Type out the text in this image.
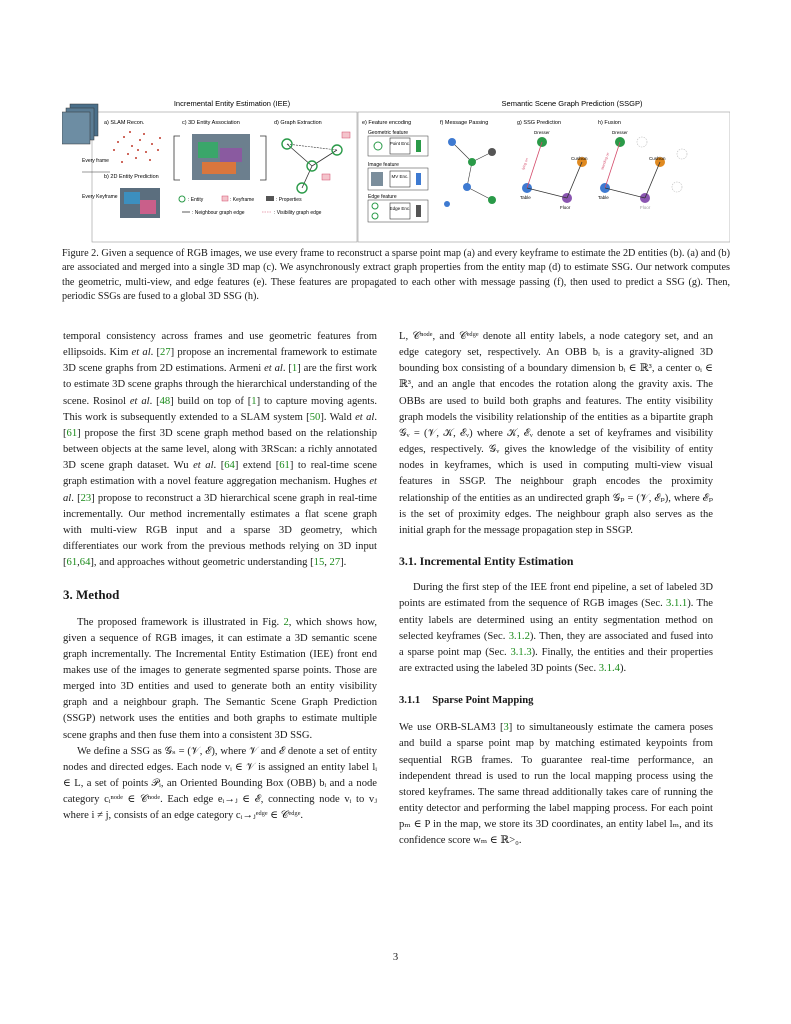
Incremental Entity Estimation (IEE)	Semantic Scene Graph Prediction (SSGP)
a) SLAM Recon.	c) 3D Entity Association	d) Graph Extraction	e) Feature encoding	f) Message Passing	g) SSG Prediction	h) Fusion
Every frame
b) 2D Entity Prediction
Every Keyframe	: Entity	: Keyframe	: Properties
: Neighbour graph edge	: Visibility graph edge
Geometric feature
Point Enc.
Image feature
MV Enc.
Edge feature
Edge Enc.
Dresser
Cushion
Table
Floor
lying on
Dresser
Cushion
Table
Floor
standing on
Figure 2. Given a sequence of RGB images, we use every frame to reconstruct a sparse point map (a) and every keyframe to estimate the 2D entities (b). (a) and (b) are associated and merged into a single 3D map (c). We asynchronously extract graph properties from the entity map (d) to estimate SSG. Our network computes the geometric, multi-view, and edge features (e). These features are propagated to each other with message passing (f), then used to predict a SSG (g). Then, periodic SSGs are fused to a global 3D SSG (h).

temporal consistency across frames and use geometric features from ellipsoids. Kim et al. [27] propose an incremental framework to estimate 3D scene graphs from 2D estimations. Armeni et al. [1] are the first work to estimate 3D scene graphs through the hierarchical understanding of the scene. Rosinol et al. [48] build on top of [1] to capture moving agents. This work is subsequently extended to a SLAM system [50]. Wald et al. [61] propose the first 3D scene graph method based on the relationship between objects at the same level, along with 3RScan: a richly annotated 3D scene graph dataset. Wu et al. [64] extend [61] to real-time scene graph estimation with a novel feature aggregation mechanism. Hughes et al. [23] propose to reconstruct a 3D hierarchical scene graph in real-time incrementally. Our method incrementally estimates a flat scene graph with multi-view RGB input and a sparse 3D geometry, which differentiates our work from the previous methods relying on 3D input [61,64], and approaches without geometric understanding [15, 27].

3. Method

The proposed framework is illustrated in Fig. 2, which shows how, given a sequence of RGB images, it can estimate a 3D semantic scene graph incrementally. The Incremental Entity Estimation (IEE) front end makes use of the images to generate segmented sparse points. Those are merged into 3D entities and used to generate both an entity visibility graph and a neighbour graph. The Semantic Scene Graph Prediction (SSGP) network uses the entities and both graphs to estimate multiple scene graphs and then fuse them into a consistent 3D SSG.

We define a SSG as 𝒢ₛ = (𝒱, ℰ), where 𝒱 and ℰ denote a set of entity nodes and directed edges. Each node vᵢ ∈ 𝒱 is assigned an entity label lᵢ ∈ L, a set of points 𝒫ᵢ, an Oriented Bounding Box (OBB) bᵢ and a node category cᵢⁿᵒᵈᵉ ∈ 𝒞ⁿᵒᵈᵉ. Each edge eᵢ→ⱼ ∈ ℰ, connecting node vᵢ to vⱼ where i ≠ j, consists of an edge category cᵢ→ⱼᵉᵈᵍᵉ ∈ 𝒞ᵉᵈᵍᵉ.

L, 𝒞ⁿᵒᵈᵉ, and 𝒞ᵉᵈᵍᵉ denote all entity labels, a node category set, and an edge category set, respectively. An OBB bᵢ is a gravity-aligned 3D bounding box consisting of a boundary dimension bᵢ ∈ ℝ³, a center oᵢ ∈ ℝ³, and an angle that encodes the rotation along the gravity axis. The OBBs are used to build both graphs and features. The entity visibility graph models the visibility relationship of the entities as a bipartite graph 𝒢ᵥ = (𝒱, 𝒦, ℰᵥ) where 𝒦, ℰᵥ denote a set of keyframes and visibility edges, respectively. 𝒢ᵥ gives the knowledge of the visibility of entity nodes in keyframes, which is used in computing multi-view visual features in SSGP. The neighbour graph encodes the proximity relationship of the entities as an undirected graph 𝒢ₚ = (𝒱, ℰₚ), where ℰₚ is the set of proximity edges. The neighbour graph also serves as the initial graph for the message propagation step in SSGP.

3.1. Incremental Entity Estimation

During the first step of the IEE front end pipeline, a set of labeled 3D points are estimated from the sequence of RGB images (Sec. 3.1.1). The entity labels are determined using an entity segmentation method on selected keyframes (Sec. 3.1.2). Then, they are associated and fused into a sparse point map (Sec. 3.1.3). Finally, the entities and their properties are extracted using the labeled 3D points (Sec. 3.1.4).

3.1.1 Sparse Point Mapping

We use ORB-SLAM3 [3] to simultaneously estimate the camera poses and build a sparse point map by matching estimated keypoints from sequential RGB frames. To guarantee real-time performance, an independent thread is used to run the local mapping process using the stored keyframes. The same thread additionally takes care of running the entity detector and performing the label mapping process. For each point pₘ ∈ P in the map, we store its 3D coordinates, an entity label lₘ, and its confidence score wₘ ∈ ℝ>₀.

3
